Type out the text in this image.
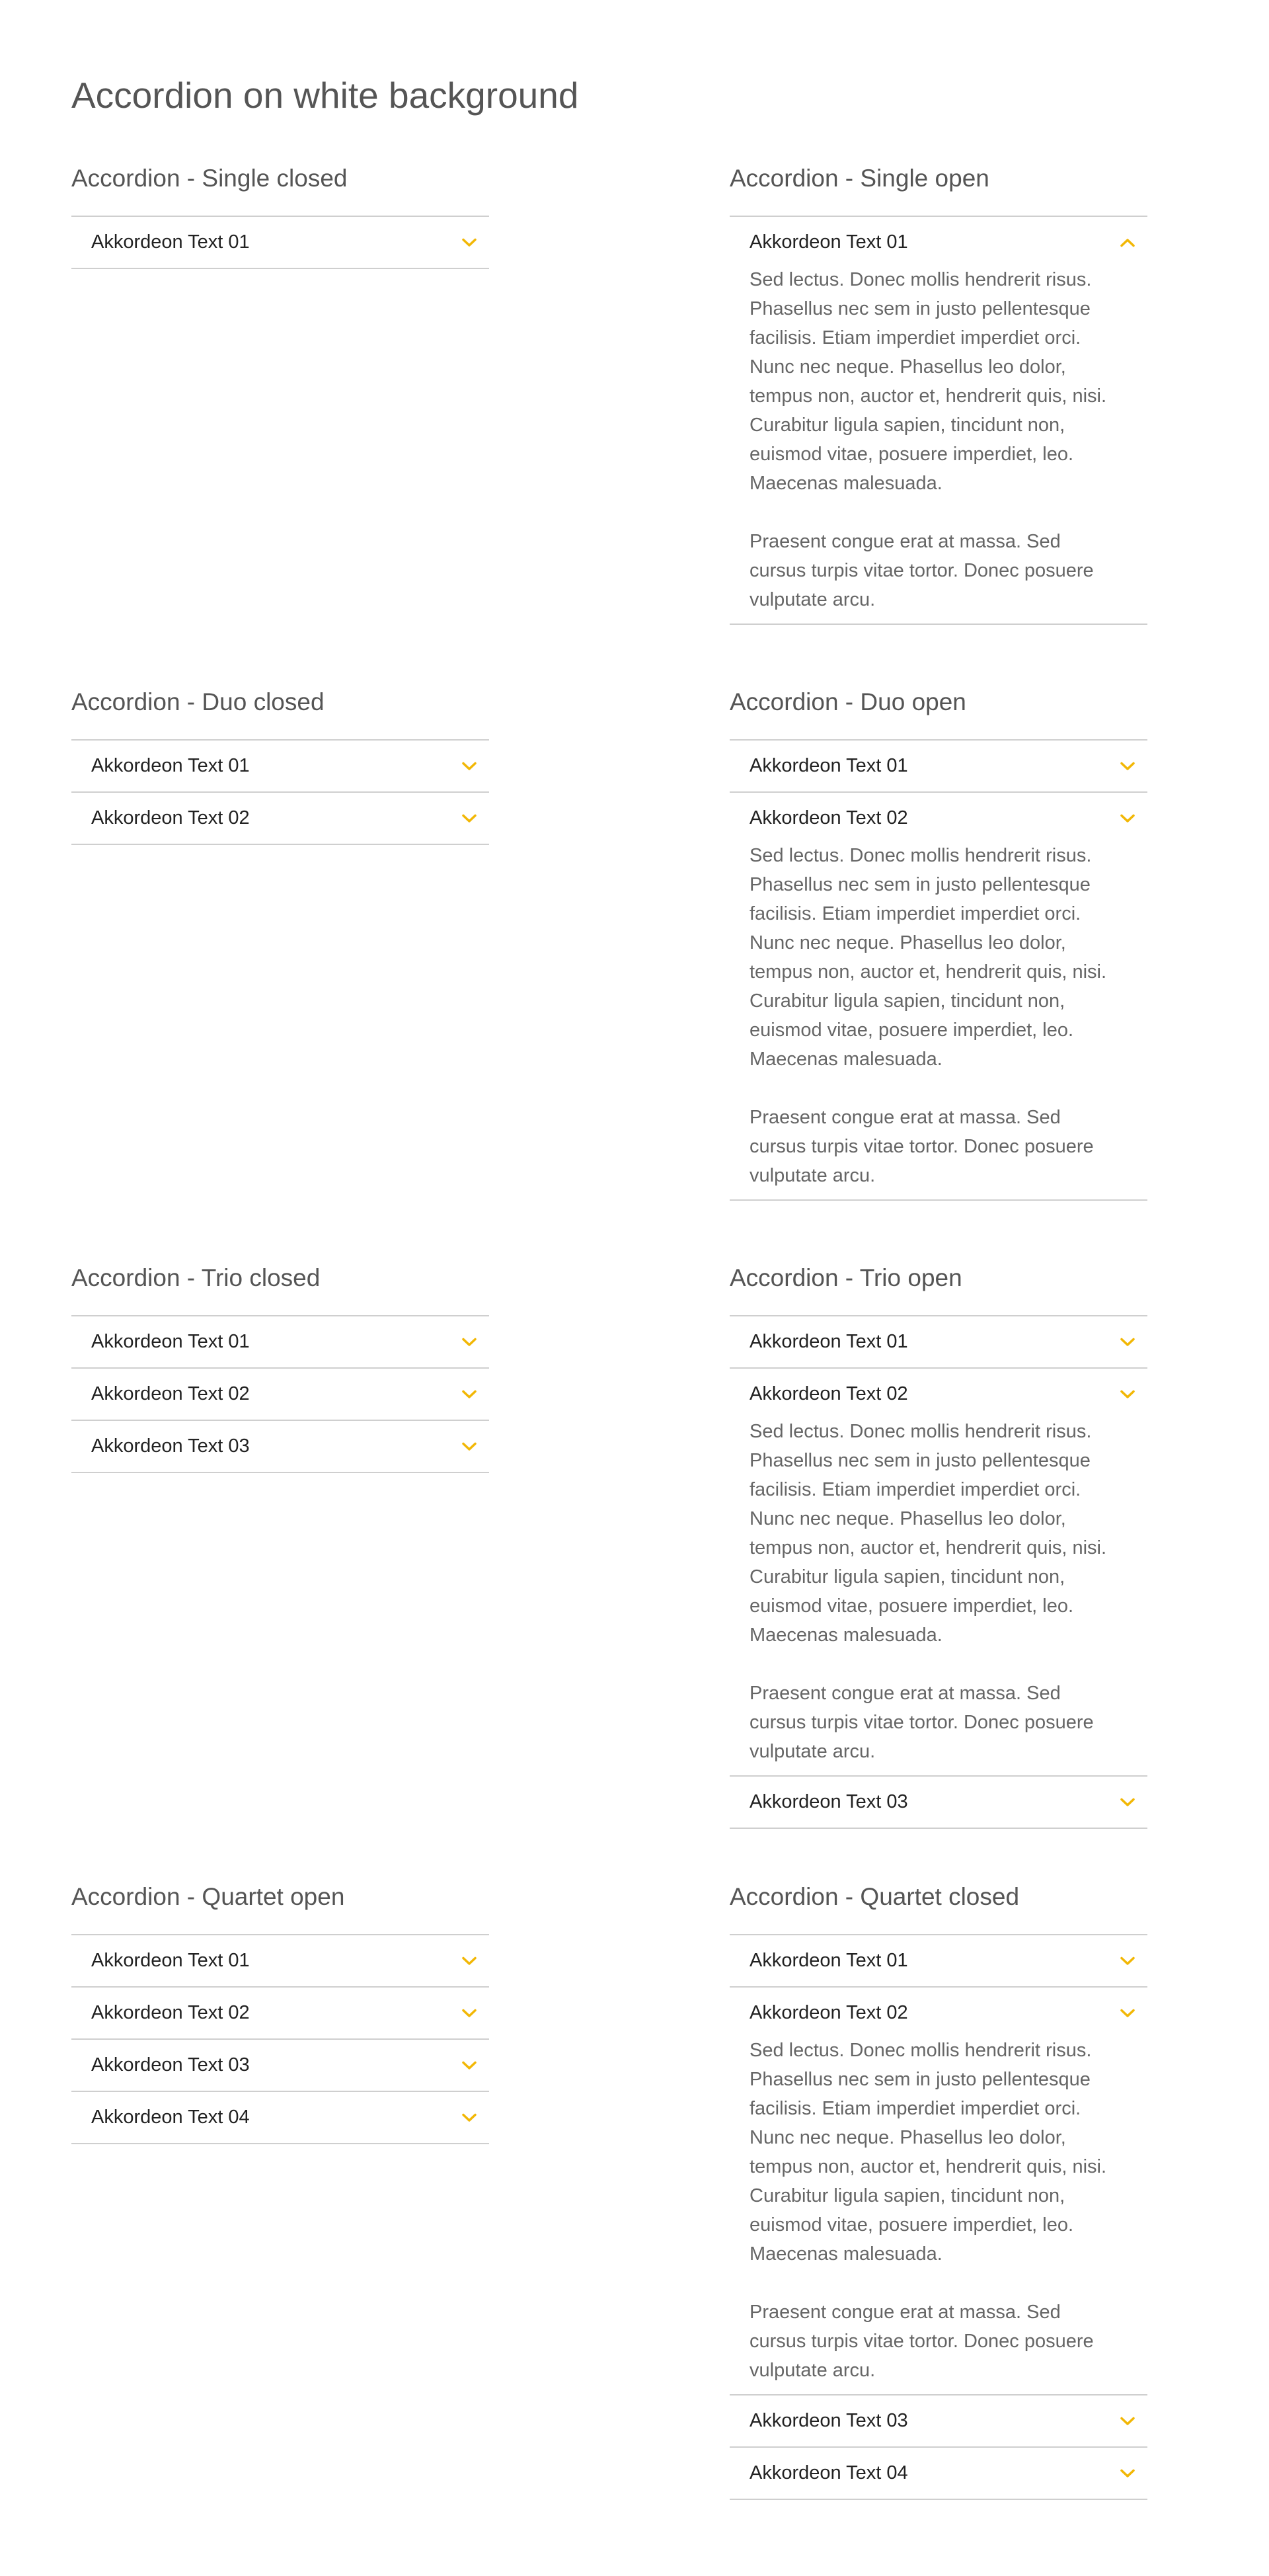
Accordion on white background
Accordion - Single closed
Akkordeon Text 01
Accordion - Single open
Akkordeon Text 01

Sed lectus. Donec mollis hendrerit risus. Phasellus nec sem in justo pellentesque facilisis. Etiam imperdiet imperdiet orci. Nunc nec neque. Phasellus leo dolor, tempus non, auctor et, hendrerit quis, nisi. Curabitur ligula sapien, tincidunt non, euismod vitae, posuere imperdiet, leo. Maecenas malesuada.

Praesent congue erat at massa. Sed cursus turpis vitae tortor. Donec posuere vulputate arcu.

Accordion - Duo closed
Akkordeon Text 01
Akkordeon Text 02
Accordion - Duo open
Akkordeon Text 01
Akkordeon Text 02

Sed lectus. Donec mollis hendrerit risus. Phasellus nec sem in justo pellentesque facilisis. Etiam imperdiet imperdiet orci. Nunc nec neque. Phasellus leo dolor, tempus non, auctor et, hendrerit quis, nisi. Curabitur ligula sapien, tincidunt non, euismod vitae, posuere imperdiet, leo. Maecenas malesuada.

Praesent congue erat at massa. Sed cursus turpis vitae tortor. Donec posuere vulputate arcu.

Accordion - Trio closed
Akkordeon Text 01
Akkordeon Text 02
Akkordeon Text 03
Accordion - Trio open
Akkordeon Text 01
Akkordeon Text 02

Sed lectus. Donec mollis hendrerit risus. Phasellus nec sem in justo pellentesque facilisis. Etiam imperdiet imperdiet orci. Nunc nec neque. Phasellus leo dolor, tempus non, auctor et, hendrerit quis, nisi. Curabitur ligula sapien, tincidunt non, euismod vitae, posuere imperdiet, leo. Maecenas malesuada.

Praesent congue erat at massa. Sed cursus turpis vitae tortor. Donec posuere vulputate arcu.

Akkordeon Text 03
Accordion - Quartet open
Akkordeon Text 01
Akkordeon Text 02
Akkordeon Text 03
Akkordeon Text 04
Accordion - Quartet closed
Akkordeon Text 01
Akkordeon Text 02

Sed lectus. Donec mollis hendrerit risus. Phasellus nec sem in justo pellentesque facilisis. Etiam imperdiet imperdiet orci. Nunc nec neque. Phasellus leo dolor, tempus non, auctor et, hendrerit quis, nisi. Curabitur ligula sapien, tincidunt non, euismod vitae, posuere imperdiet, leo. Maecenas malesuada.

Praesent congue erat at massa. Sed cursus turpis vitae tortor. Donec posuere vulputate arcu.

Akkordeon Text 03
Akkordeon Text 04
